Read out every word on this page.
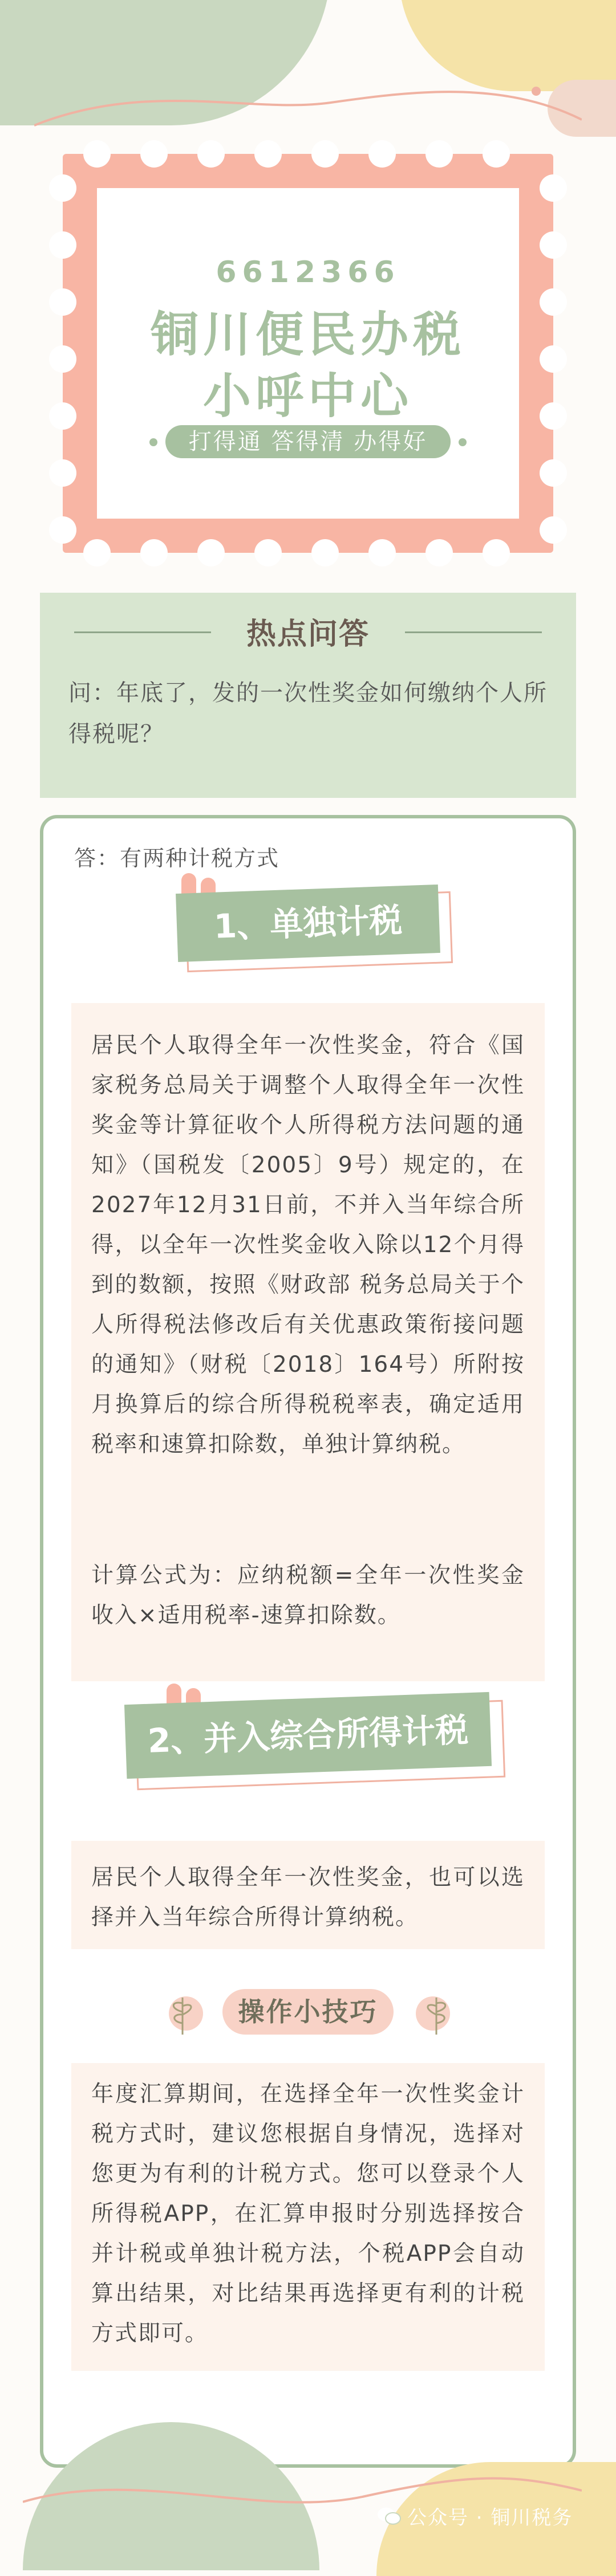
6612366
铜川便民办税
小呼中心
打得通 答得清 办得好
热点问答
问：年底了，发的一次性奖金如何缴纳个人所得税呢？
答：有两种计税方式
1、单独计税
居民个人取得全年一次性奖金，符合《国家税务总局关于调整个人取得全年一次性奖金等计算征收个人所得税方法问题的通知》（国税发〔2005〕9号）规定的，在2027年12月31日前，不并入当年综合所得，以全年一次性奖金收入除以12个月得到的数额，按照《财政部 税务总局关于个人所得税法修改后有关优惠政策衔接问题的通知》（财税〔2018〕164号）所附按月换算后的综合所得税税率表，确定适用税率和速算扣除数，单独计算纳税。
计算公式为：应纳税额=全年一次性奖金收入×适用税率-速算扣除数。
2、并入综合所得计税
居民个人取得全年一次性奖金，也可以选择并入当年综合所得计算纳税。
操作小技巧
年度汇算期间，在选择全年一次性奖金计税方式时，建议您根据自身情况，选择对您更为有利的计税方式。您可以登录个人所得税APP，在汇算申报时分别选择按合并计税或单独计税方法，个税APP会自动算出结果，对比结果再选择更有利的计税方式即可。
公众号 · 铜川税务
